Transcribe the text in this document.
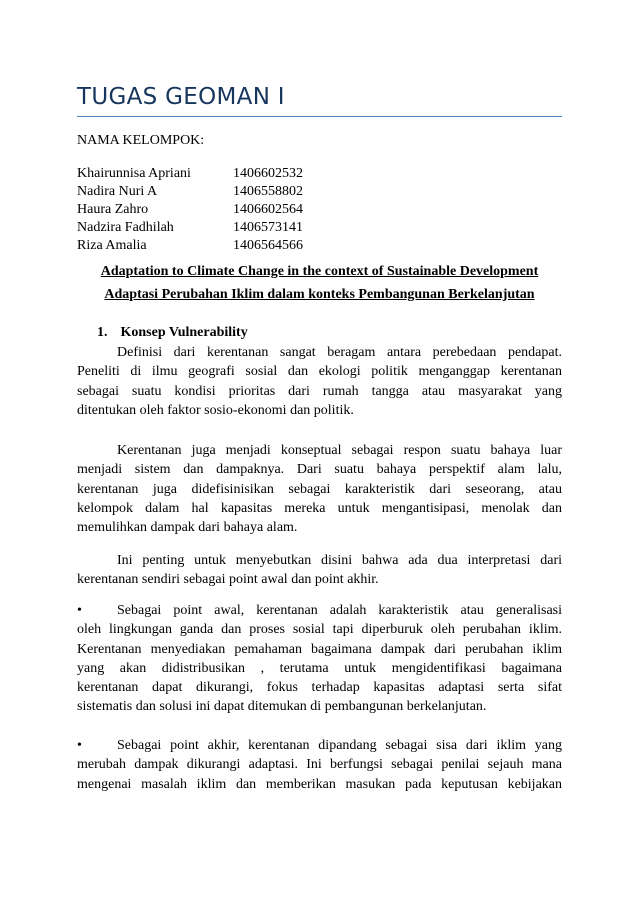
TUGAS GEOMAN I
NAMA KELOMPOK:
Khairunnisa Apriani	1406602532
Nadira Nuri A	1406558802
Haura Zahro	1406602564
Nadzira Fadhilah	1406573141
Riza Amalia	1406564566
Adaptation to Climate Change in the context of Sustainable Development
Adaptasi Perubahan Iklim dalam konteks Pembangunan Berkelanjutan
1. Konsep Vulnerability
Definisi dari kerentanan sangat beragam antara perebedaan pendapat.
Peneliti di ilmu geografi sosial dan ekologi politik menganggap kerentanan
sebagai suatu kondisi prioritas dari rumah tangga atau masyarakat yang
ditentukan oleh faktor sosio-ekonomi dan politik.
Kerentanan juga menjadi konseptual sebagai respon suatu bahaya luar
menjadi sistem dan dampaknya. Dari suatu bahaya perspektif alam lalu,
kerentanan juga didefisinisikan sebagai karakteristik dari seseorang, atau
kelompok dalam hal kapasitas mereka untuk mengantisipasi, menolak dan
memulihkan dampak dari bahaya alam.
Ini penting untuk menyebutkan disini bahwa ada dua interpretasi dari
kerentanan sendiri sebagai point awal dan point akhir.
•	Sebagai point awal, kerentanan adalah karakteristik atau generalisasi
oleh lingkungan ganda dan proses sosial tapi diperburuk oleh perubahan iklim.
Kerentanan menyediakan pemahaman bagaimana dampak dari perubahan iklim
yang akan didistribusikan , terutama untuk mengidentifikasi bagaimana
kerentanan dapat dikurangi, fokus terhadap kapasitas adaptasi serta sifat
sistematis dan solusi ini dapat ditemukan di pembangunan berkelanjutan.
•	Sebagai point akhir, kerentanan dipandang sebagai sisa dari iklim yang
merubah dampak dikurangi adaptasi. Ini berfungsi sebagai penilai sejauh mana
mengenai masalah iklim dan memberikan masukan pada keputusan kebijakan
